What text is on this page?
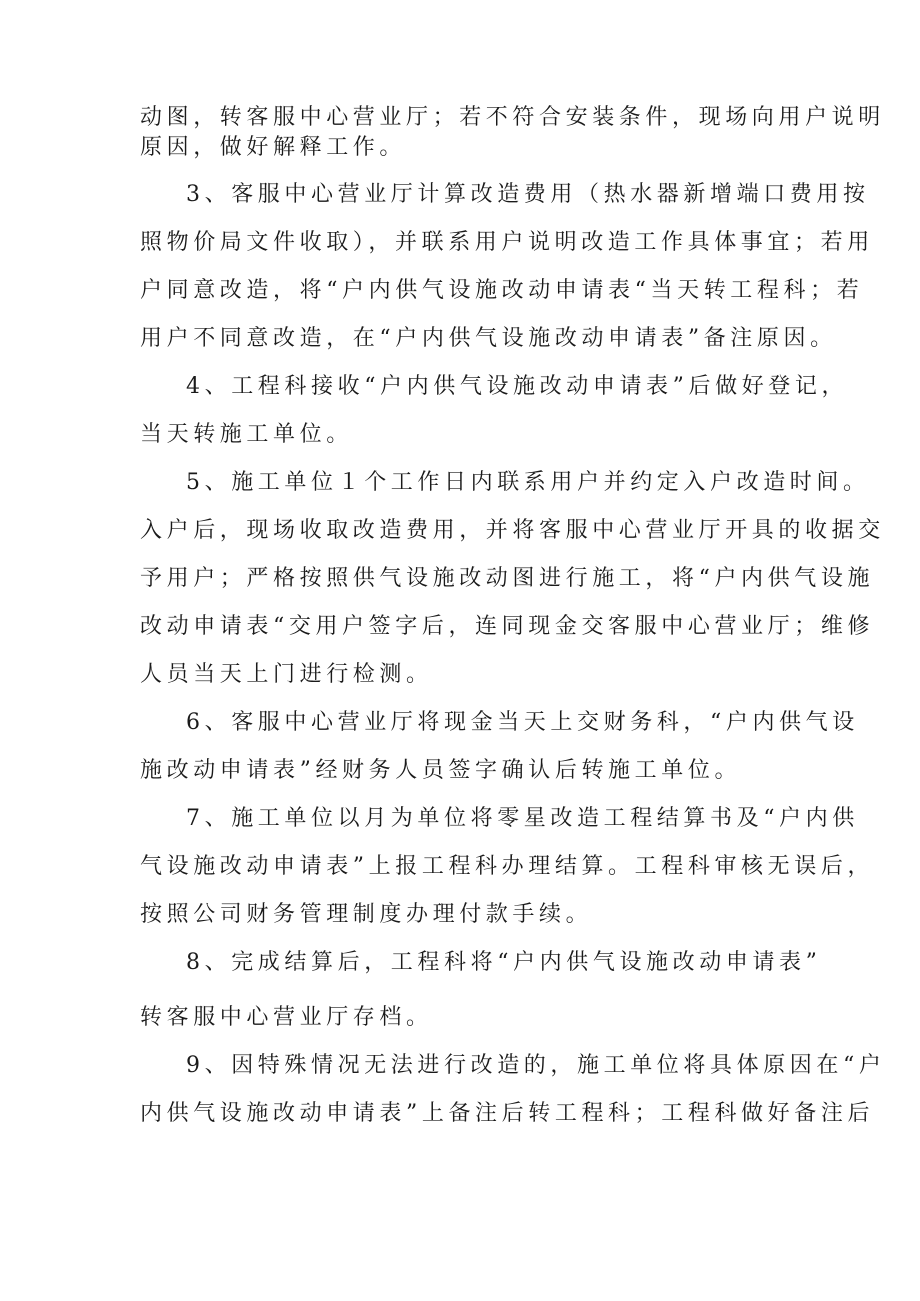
动图，转客服中心营业厅；若不符合安装条件，现场向用户说明

原因，做好解释工作。

3、客服中心营业厅计算改造费用（热水器新增端口费用按

照物价局文件收取），并联系用户说明改造工作具体事宜；若用

户同意改造，将“户内供气设施改动申请表“当天转工程科；若

用户不同意改造，在“户内供气设施改动申请表”备注原因。

4、工程科接收“户内供气设施改动申请表”后做好登记，

当天转施工单位。

5、施工单位１个工作日内联系用户并约定入户改造时间。

入户后，现场收取改造费用，并将客服中心营业厅开具的收据交

予用户；严格按照供气设施改动图进行施工，将“户内供气设施

改动申请表“交用户签字后，连同现金交客服中心营业厅；维修

人员当天上门进行检测。

6、客服中心营业厅将现金当天上交财务科，“户内供气设

施改动申请表”经财务人员签字确认后转施工单位。

7、施工单位以月为单位将零星改造工程结算书及“户内供

气设施改动申请表”上报工程科办理结算。工程科审核无误后，

按照公司财务管理制度办理付款手续。

8、完成结算后，工程科将“户内供气设施改动申请表”

转客服中心营业厅存档。

9、因特殊情况无法进行改造的，施工单位将具体原因在“户

内供气设施改动申请表”上备注后转工程科；工程科做好备注后
